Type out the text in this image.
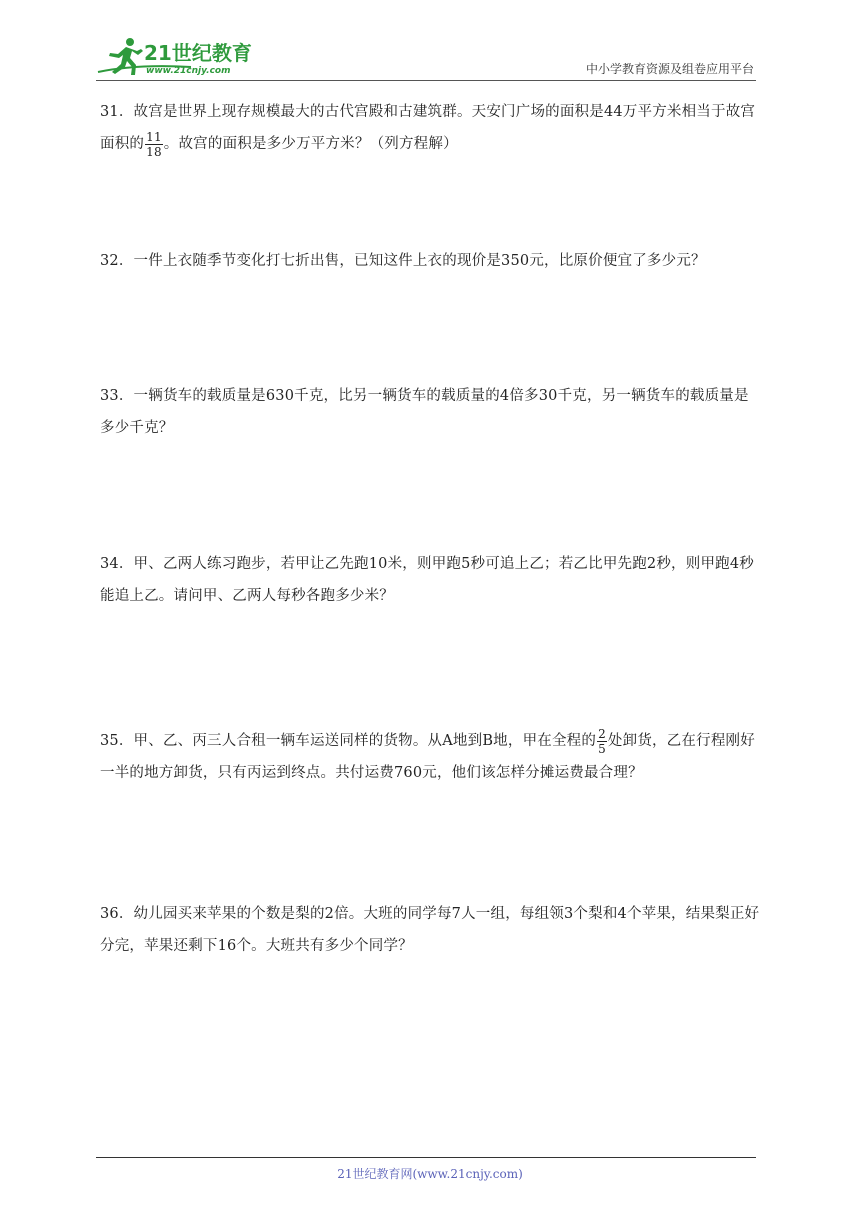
21世纪教育
www.21cnjy.com	中小学教育资源及组卷应用平台
31．故宫是世界上现存规模最大的古代宫殿和古建筑群。天安门广场的面积是44万平方米相当于故宫面积的 $\frac{11}{18}$ 。故宫的面积是多少万平方米？（列方程解）
32．一件上衣随季节变化打七折出售，已知这件上衣的现价是350元，比原价便宜了多少元？
33．一辆货车的载质量是630千克，比另一辆货车的载质量的4倍多30千克，另一辆货车的载质量是多少千克？
34．甲、乙两人练习跑步，若甲让乙先跑10米，则甲跑5秒可追上乙；若乙比甲先跑2秒，则甲跑4秒能追上乙。请问甲、乙两人每秒各跑多少米？
35．甲、乙、丙三人合租一辆车运送同样的货物。从A地到B地，甲在全程的 $\frac{2}{5}$ 处卸货，乙在行程刚好一半的地方卸货，只有丙运到终点。共付运费760元，他们该怎样分摊运费最合理？
36．幼儿园买来苹果的个数是梨的2倍。大班的同学每7人一组，每组领3个梨和4个苹果，结果梨正好分完，苹果还剩下16个。大班共有多少个同学？
21世纪教育网(www.21cnjy.com)
